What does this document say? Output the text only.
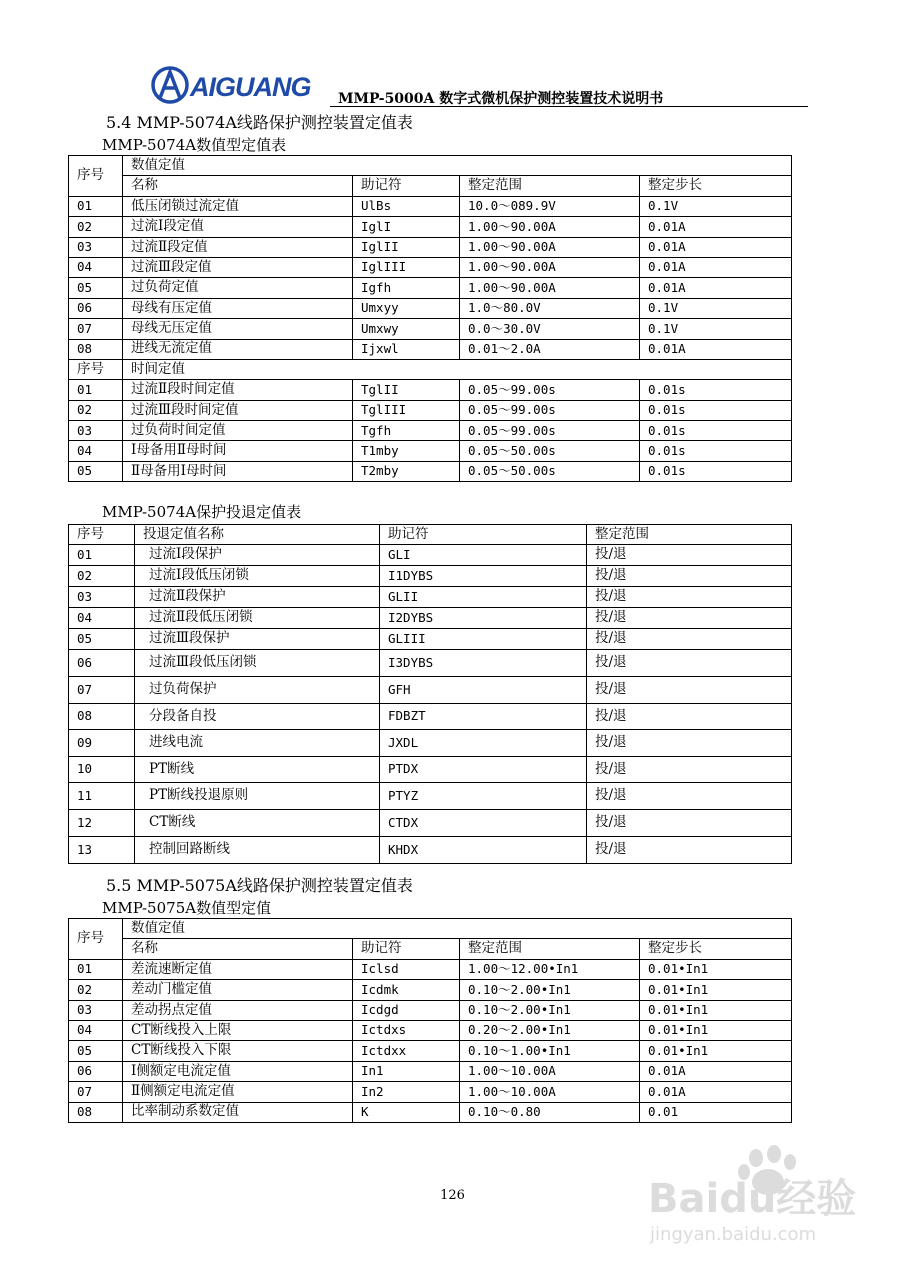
AIGUANG MMP-5000A 数字式微机保护测控装置技术说明书
5.4 MMP-5074A线路保护测控装置定值表
MMP-5074A数值型定值表
序号	数值定值			
	名称	助记符	整定范围	整定步长
01	低压闭锁过流定值	UlBs	10.0～089.9V	0.1V
02	过流Ⅰ段定值	IglI	1.00～90.00A	0.01A
03	过流Ⅱ段定值	IglII	1.00～90.00A	0.01A
04	过流Ⅲ段定值	IglIII	1.00～90.00A	0.01A
05	过负荷定值	Igfh	1.00～90.00A	0.01A
06	母线有压定值	Umxyy	1.0～80.0V	0.1V
07	母线无压定值	Umxwy	0.0～30.0V	0.1V
08	进线无流定值	Ijxwl	0.01～2.0A	0.01A
序号	时间定值			
01	过流Ⅱ段时间定值	TglII	0.05～99.00s	0.01s
02	过流Ⅲ段时间定值	TglIII	0.05～99.00s	0.01s
03	过负荷时间定值	Tgfh	0.05～99.00s	0.01s
04	Ⅰ母备用Ⅱ母时间	T1mby	0.05～50.00s	0.01s
05	Ⅱ母备用Ⅰ母时间	T2mby	0.05～50.00s	0.01s
MMP-5074A保护投退定值表
序号	投退定值名称	助记符	整定范围
01	过流Ⅰ段保护	GLI	投/退
02	过流Ⅰ段低压闭锁	I1DYBS	投/退
03	过流Ⅱ段保护	GLII	投/退
04	过流Ⅱ段低压闭锁	I2DYBS	投/退
05	过流Ⅲ段保护	GLIII	投/退
06	过流Ⅲ段低压闭锁	I3DYBS	投/退
07	过负荷保护	GFH	投/退
08	分段备自投	FDBZT	投/退
09	进线电流	JXDL	投/退
10	PT断线	PTDX	投/退
11	PT断线投退原则	PTYZ	投/退
12	CT断线	CTDX	投/退
13	控制回路断线	KHDX	投/退
5.5 MMP-5075A线路保护测控装置定值表
MMP-5075A数值型定值
序号	数值定值			
	名称	助记符	整定范围	整定步长
01	差流速断定值	Iclsd	1.00～12.00•In1	0.01•In1
02	差动门槛定值	Icdmk	0.10～2.00•In1	0.01•In1
03	差动拐点定值	Icdgd	0.10～2.00•In1	0.01•In1
04	CT断线投入上限	Ictdxs	0.20～2.00•In1	0.01•In1
05	CT断线投入下限	Ictdxx	0.10～1.00•In1	0.01•In1
06	Ⅰ侧额定电流定值	In1	1.00～10.00A	0.01A
07	Ⅱ侧额定电流定值	In2	1.00～10.00A	0.01A
08	比率制动系数定值	K	0.10～0.80	0.01
126	Baidu经验
jingyan.baidu.com
